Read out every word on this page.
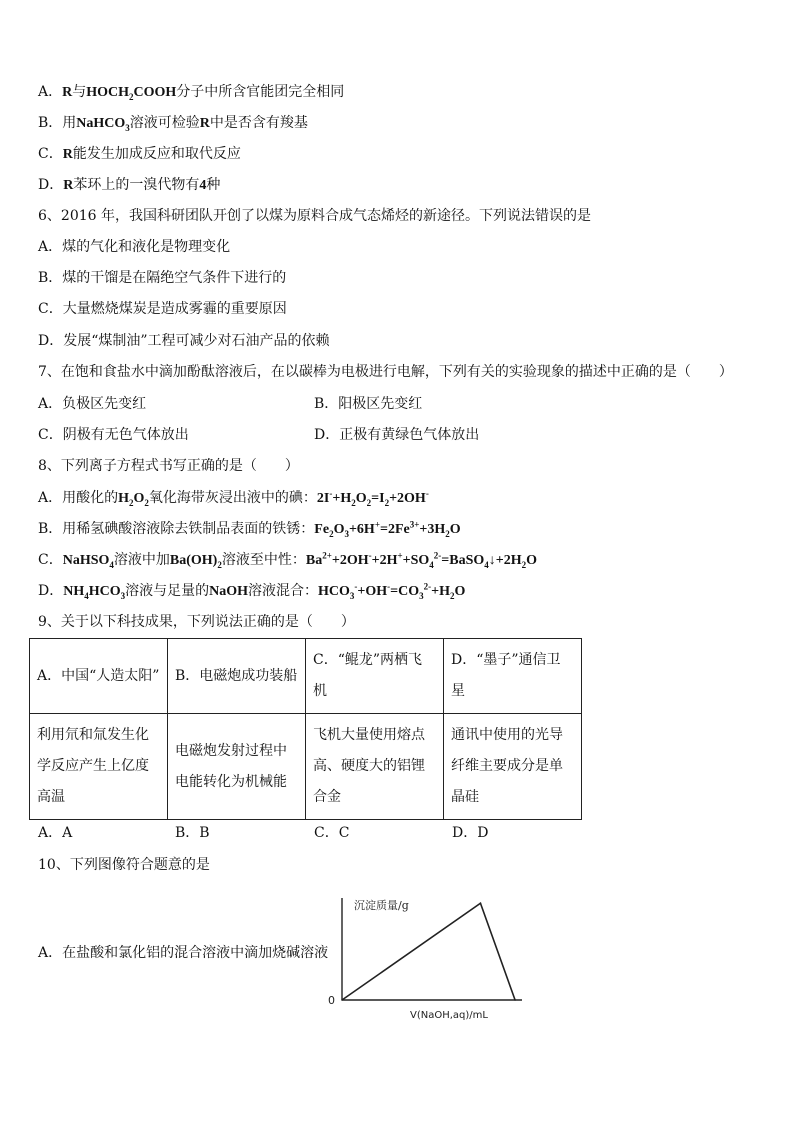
A．R与$HOCH_2COOH$分子中所含官能团完全相同
B．用NaHCO$_3$溶液可检验R中是否含有羧基
C．R能发生加成反应和取代反应
D．R苯环上的一溴代物有4种
6、2016 年，我国科研团队开创了以煤为原料合成气态烯烃的新途径。下列说法错误的是
A．煤的气化和液化是物理变化
B．煤的干馏是在隔绝空气条件下进行的
C．大量燃烧煤炭是造成雾霾的重要原因
D．发展“煤制油”工程可减少对石油产品的依赖
7、在饱和食盐水中滴加酚酞溶液后，在以碳棒为电极进行电解，下列有关的实验现象的描述中正确的是（　　）
A．负极区先变红	B．阳极区先变红
C．阴极有无色气体放出	D．正极有黄绿色气体放出
8、下列离子方程式书写正确的是（　　）
A．用酸化的$H_2O_2$氧化海带灰浸出液中的碘：$2I^-+H_2O_2=I_2+2OH^-$
B．用稀氢碘酸溶液除去铁制品表面的铁锈：$Fe_2O_3+6H^+=2Fe^{3+}+3H_2O$
C．NaHSO$_4$溶液中加$Ba(OH)_2$溶液至中性：$Ba^{2+}+2OH^-+2H^++SO_4^{2-}=BaSO_4↓+2H_2O$
D．$NH_4HCO_3$溶液与足量的NaOH溶液混合：$HCO_3^-+OH^-=CO_3^{2-}+H_2O$
9、关于以下科技成果，下列说法正确的是（　　）
A．中国“人造太阳”	B．电磁炮成功装船	C．“鲲龙”两栖飞机	D．“墨子”通信卫星
利用氘和氚发生化学反应产生上亿度高温	电磁炮发射过程中电能转化为机械能	飞机大量使用熔点高、硬度大的铝锂合金	通讯中使用的光导纤维主要成分是单晶硅
A．A	B．B	C．C	D．D
10、下列图像符合题意的是
A．在盐酸和氯化铝的混合溶液中滴加烧碱溶液
沉淀质量/g
V(NaOH,aq)/mL
0
